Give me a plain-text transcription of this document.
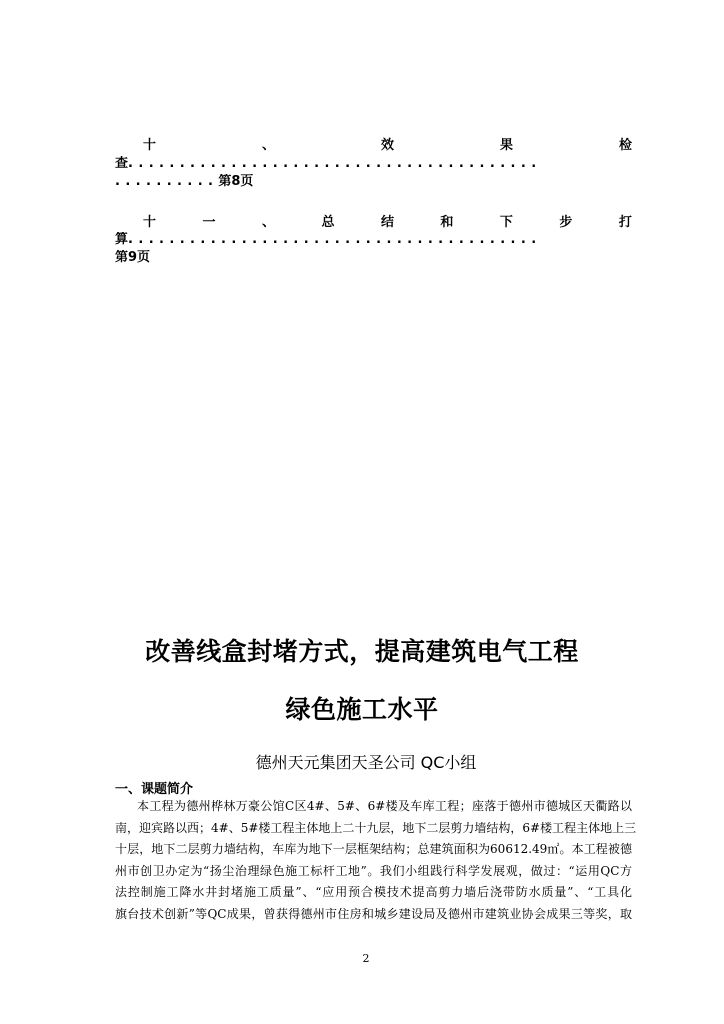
十	、	效	果	检
查........................................
..........第8页
十	一	、	总	结	和	下	步	打
算........................................
第9页
改善线盒封堵方式，提高建筑电气工程
绿色施工水平
德州天元集团天圣公司 QC小组
一、课题简介
本工程为德州桦林万豪公馆C区4#、5#、6#楼及车库工程；座落于德州市德城区天衢路以
南，迎宾路以西；4#、5#楼工程主体地上二十九层，地下二层剪力墙结构，6#楼工程主体地上三
十层，地下二层剪力墙结构，车库为地下一层框架结构；总建筑面积为60612.49㎡。本工程被德
州市创卫办定为“扬尘治理绿色施工标杆工地”。我们小组践行科学发展观，做过：“运用QC方
法控制施工降水井封堵施工质量”、“应用预合模技术提高剪力墙后浇带防水质量”、“工具化
旗台技术创新”等QC成果，曾获得德州市住房和城乡建设局及德州市建筑业协会成果三等奖，取
2
